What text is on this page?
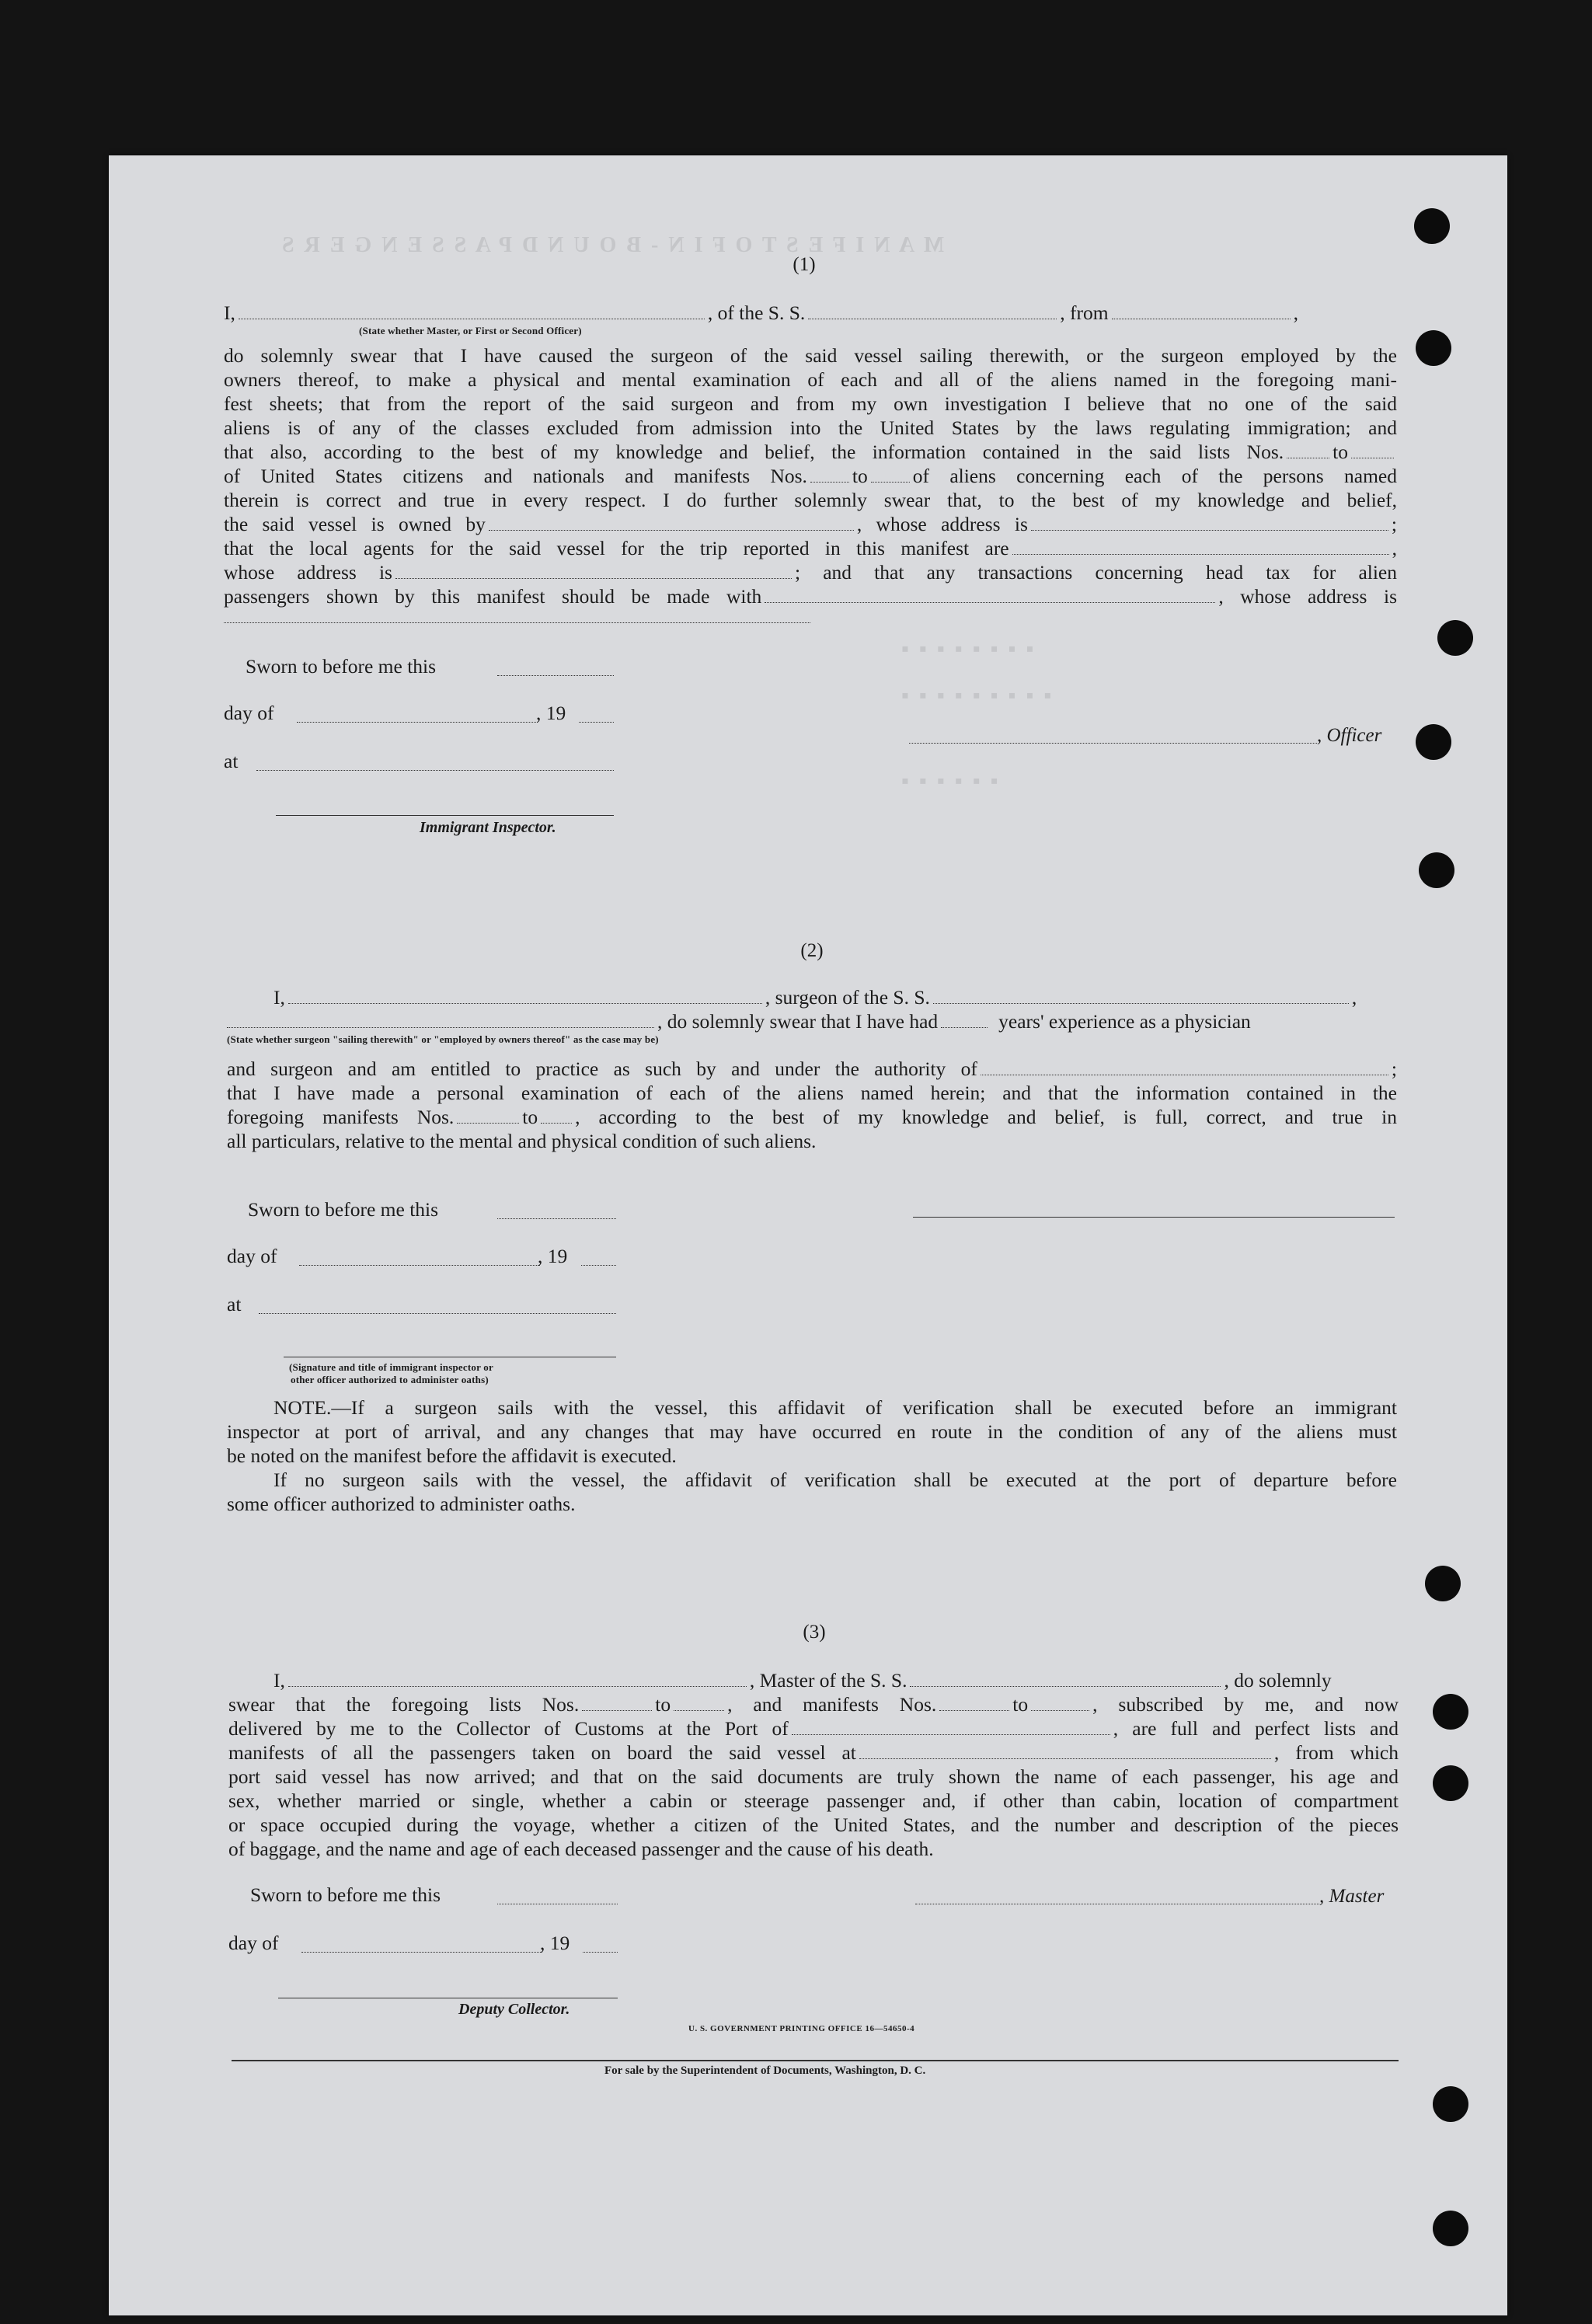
M A N I F E S T O F I N - B O U N D P A S S E N G E R S
▪ ▪ ▪ ▪ ▪ ▪ ▪ ▪
▪ ▪ ▪ ▪ ▪ ▪ ▪ ▪ ▪
▪ ▪ ▪ ▪ ▪ ▪
(1)
I,	, of the S. S.	, from	,
(State whether Master, or First or Second Officer)
do solemnly swear that I have caused the surgeon of the said vessel sailing therewith, or the surgeon employed by the
owners thereof, to make a physical and mental examination of each and all of the aliens named in the foregoing mani-
fest sheets; that from the report of the said surgeon and from my own investigation I believe that no one of the said
aliens is of any of the classes excluded from admission into the United States by the laws regulating immigration; and
that also, according to the best of my knowledge and belief, the information contained in the said lists Nos. to
of United States citizens and nationals and manifests Nos. to of aliens concerning each of the persons named
therein is correct and true in every respect. I do further solemnly swear that, to the best of my knowledge and belief,
the said vessel is owned by	, whose address is	;
that the local agents for the said vessel for the trip reported in this manifest are	,
whose address is	; and that any transactions concerning head tax for alien
passengers shown by this manifest should be made with	, whose address is
Sworn to before me this
day of	, 19
at
, Officer
Immigrant Inspector.
(2)
I,	, surgeon of the S. S.	,
, do solemnly swear that I have had	years' experience as a physician
(State whether surgeon "sailing therewith" or "employed by owners thereof" as the case may be)
and surgeon and am entitled to practice as such by and under the authority of	;
that I have made a personal examination of each of the aliens named herein; and that the information contained in the
foregoing manifests Nos.	to , according to the best of my knowledge and belief, is full, correct, and true in
all particulars, relative to the mental and physical condition of such aliens.
Sworn to before me this
day of	, 19
at
(Signature and title of immigrant inspector or
other officer authorized to administer oaths)
NOTE.—If a surgeon sails with the vessel, this affidavit of verification shall be executed before an immigrant
inspector at port of arrival, and any changes that may have occurred en route in the condition of any of the aliens must
be noted on the manifest before the affidavit is executed.
If no surgeon sails with the vessel, the affidavit of verification shall be executed at the port of departure before
some officer authorized to administer oaths.
(3)
I,	, Master of the S. S.	, do solemnly
swear that the foregoing lists Nos.	to	, and manifests Nos.	to	, subscribed by me, and now
delivered by me to the Collector of Customs at the Port of	, are full and perfect lists and
manifests of all the passengers taken on board the said vessel at	, from which
port said vessel has now arrived; and that on the said documents are truly shown the name of each passenger, his age and
sex, whether married or single, whether a cabin or steerage passenger and, if other than cabin, location of compartment
or space occupied during the voyage, whether a citizen of the United States, and the number and description of the pieces
of baggage, and the name and age of each deceased passenger and the cause of his death.
Sworn to before me this	, Master
day of	, 19
Deputy Collector.
U. S. GOVERNMENT PRINTING OFFICE 16—54650-4
For sale by the Superintendent of Documents, Washington, D. C.
